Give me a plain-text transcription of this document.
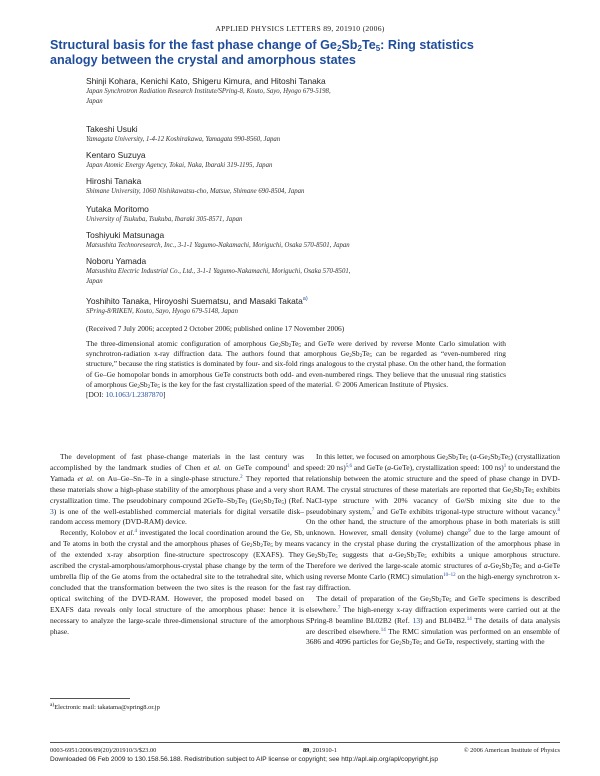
APPLIED PHYSICS LETTERS 89, 201910 (2006)
Structural basis for the fast phase change of $Ge_2Sb_2Te_5$: Ring statistics
analogy between the crystal and amorphous states
Shinji Kohara, Kenichi Kato, Shigeru Kimura, and Hitoshi Tanaka
Japan Synchrotron Radiation Research Institute/SPring-8, Kouto, Sayo, Hyogo 679-5198,
Japan
Takeshi Usuki
Yamagata University, 1-4-12 Koshirakawa, Yamagata 990-8560, Japan
Kentaro Suzuya
Japan Atomic Energy Agency, Tokai, Naka, Ibaraki 319-1195, Japan
Hiroshi Tanaka
Shimane University, 1060 Nishikawatsu-cho, Matsue, Shimane 690-8504, Japan
Yutaka Moritomo
University of Tsukuba, Tsukuba, Ibaraki 305-8571, Japan
Toshiyuki Matsunaga
Matsushita Technoresearch, Inc., 3-1-1 Yagumo-Nakamachi, Moriguchi, Osaka 570-8501, Japan
Noboru Yamada
Matsushita Electric Industrial Co., Ltd., 3-1-1 Yagumo-Nakamachi, Moriguchi, Osaka 570-8501,
Japan
Yoshihito Tanaka, Hiroyoshi Suematsu, and Masaki Takata$^{a)}$
SPring-8/RIKEN, Kouto, Sayo, Hyogo 679-5148, Japan
(Received 7 July 2006; accepted 2 October 2006; published online 17 November 2006)
The three-dimensional atomic configuration of amorphous $Ge_2Sb_2Te_5$ and GeTe were derived by reverse Monte Carlo simulation with synchrotron-radiation x-ray diffraction data. The authors found that amorphous $Ge_2Sb_2Te_5$ can be regarded as “even-numbered ring structure,” because the ring statistics is dominated by four- and six-fold rings analogous to the crystal phase. On the other hand, the formation of Ge–Ge homopolar bonds in amorphous GeTe constructs both odd- and even-numbered rings. They believe that the unusual ring statistics of amorphous $Ge_2Sb_2Te_5$ is the key for the fast crystallization speed of the material. © 2006 American Institute of Physics.
[DOI: 10.1063/1.2387870]

The development of fast phase-change materials in the last century was accomplished by the landmark studies of Chen et al. on GeTe compound$^1$ and Yamada et al. on Au–Ge–Sn–Te in a single-phase structure.$^2$ They reported that these materials show a high-phase stability of the amorphous phase and a very short crystallization time. The pseudobinary compound $2GeTe-Sb_2Te_3$ $(Ge_2Sb_2Te_5)$ (Ref. 3) is one of the well-established commercial materials for digital versatile disk–random access memory (DVD-RAM) device.

Recently, Kolobov et al.$^4$ investigated the local coordination around the Ge, Sb, and Te atoms in both the crystal and the amorphous phases of $Ge_2Sb_2Te_5$ by means of the extended x-ray absorption fine-structure spectroscopy (EXAFS). They ascribed the crystal-amorphous/amorphous-crystal phase change by the term of the umbrella flip of the Ge atoms from the octahedral site to the tetrahedral site, which concluded that the transformation between the two sites is the reason for the fast optical switching of the DVD-RAM. However, the proposed model based on EXAFS data reveals only local structure of the amorphous phase: hence it is necessary to analyze the large-scale three-dimensional structure of the amorphous phase.

In this letter, we focused on amorphous $Ge_2Sb_2Te_5$ $(a-Ge_2Sb_2Te_5)$ (crystallization speed: 20 ns)$^{5,6}$ and GeTe (a-GeTe), crystallization speed: 100 ns)$^1$ to understand the relationship between the atomic structure and the speed of phase change in DVD-RAM. The crystal structures of these materials are reported that $Ge_2Sb_2Te_5$ exhibits NaCl-type structure with 20% vacancy of Ge/Sb mixing site due to the pseudobinary system,$^7$ and GeTe exhibits trigonal-type structure without vacancy.$^8$ On the other hand, the structure of the amorphous phase in both materials is still unknown. However, small density (volume) change$^9$ due to the large amount of vacancy in the crystal phase during the crystallization of the amorphous phase in $Ge_2Sb_2Te_5$ suggests that $a-Ge_2Sb_2Te_5$ exhibits a unique amorphous structure. Therefore we derived the large-scale atomic structures of $a-Ge_2Sb_2Te_5$ and a-GeTe using reverse Monte Carlo (RMC) simulation$^{10-12}$ on the high-energy synchrotron x-ray diffraction.

The detail of preparation of the $Ge_2Sb_2Te_5$ and GeTe specimens is described elsewhere.$^7$ The high-energy x-ray diffraction experiments were carried out at the SPring-8 beamline BL02B2 (Ref. 13) and BL04B2.14 The details of data analysis are described elsewhere.$^{14}$ The RMC simulation was performed on an ensemble of 3686 and 4096 particles for $Ge_2Sb_2Te_5$ and GeTe, respectively, starting with the

$^{a)}$Electronic mail: takatama@spring8.or.jp
0003-6951/2006/89(20)/201910/3/$23.00	89, 201910-1	© 2006 American Institute of Physics
Downloaded 06 Feb 2009 to 130.158.56.188. Redistribution subject to AIP license or copyright; see http://apl.aip.org/apl/copyright.jsp
